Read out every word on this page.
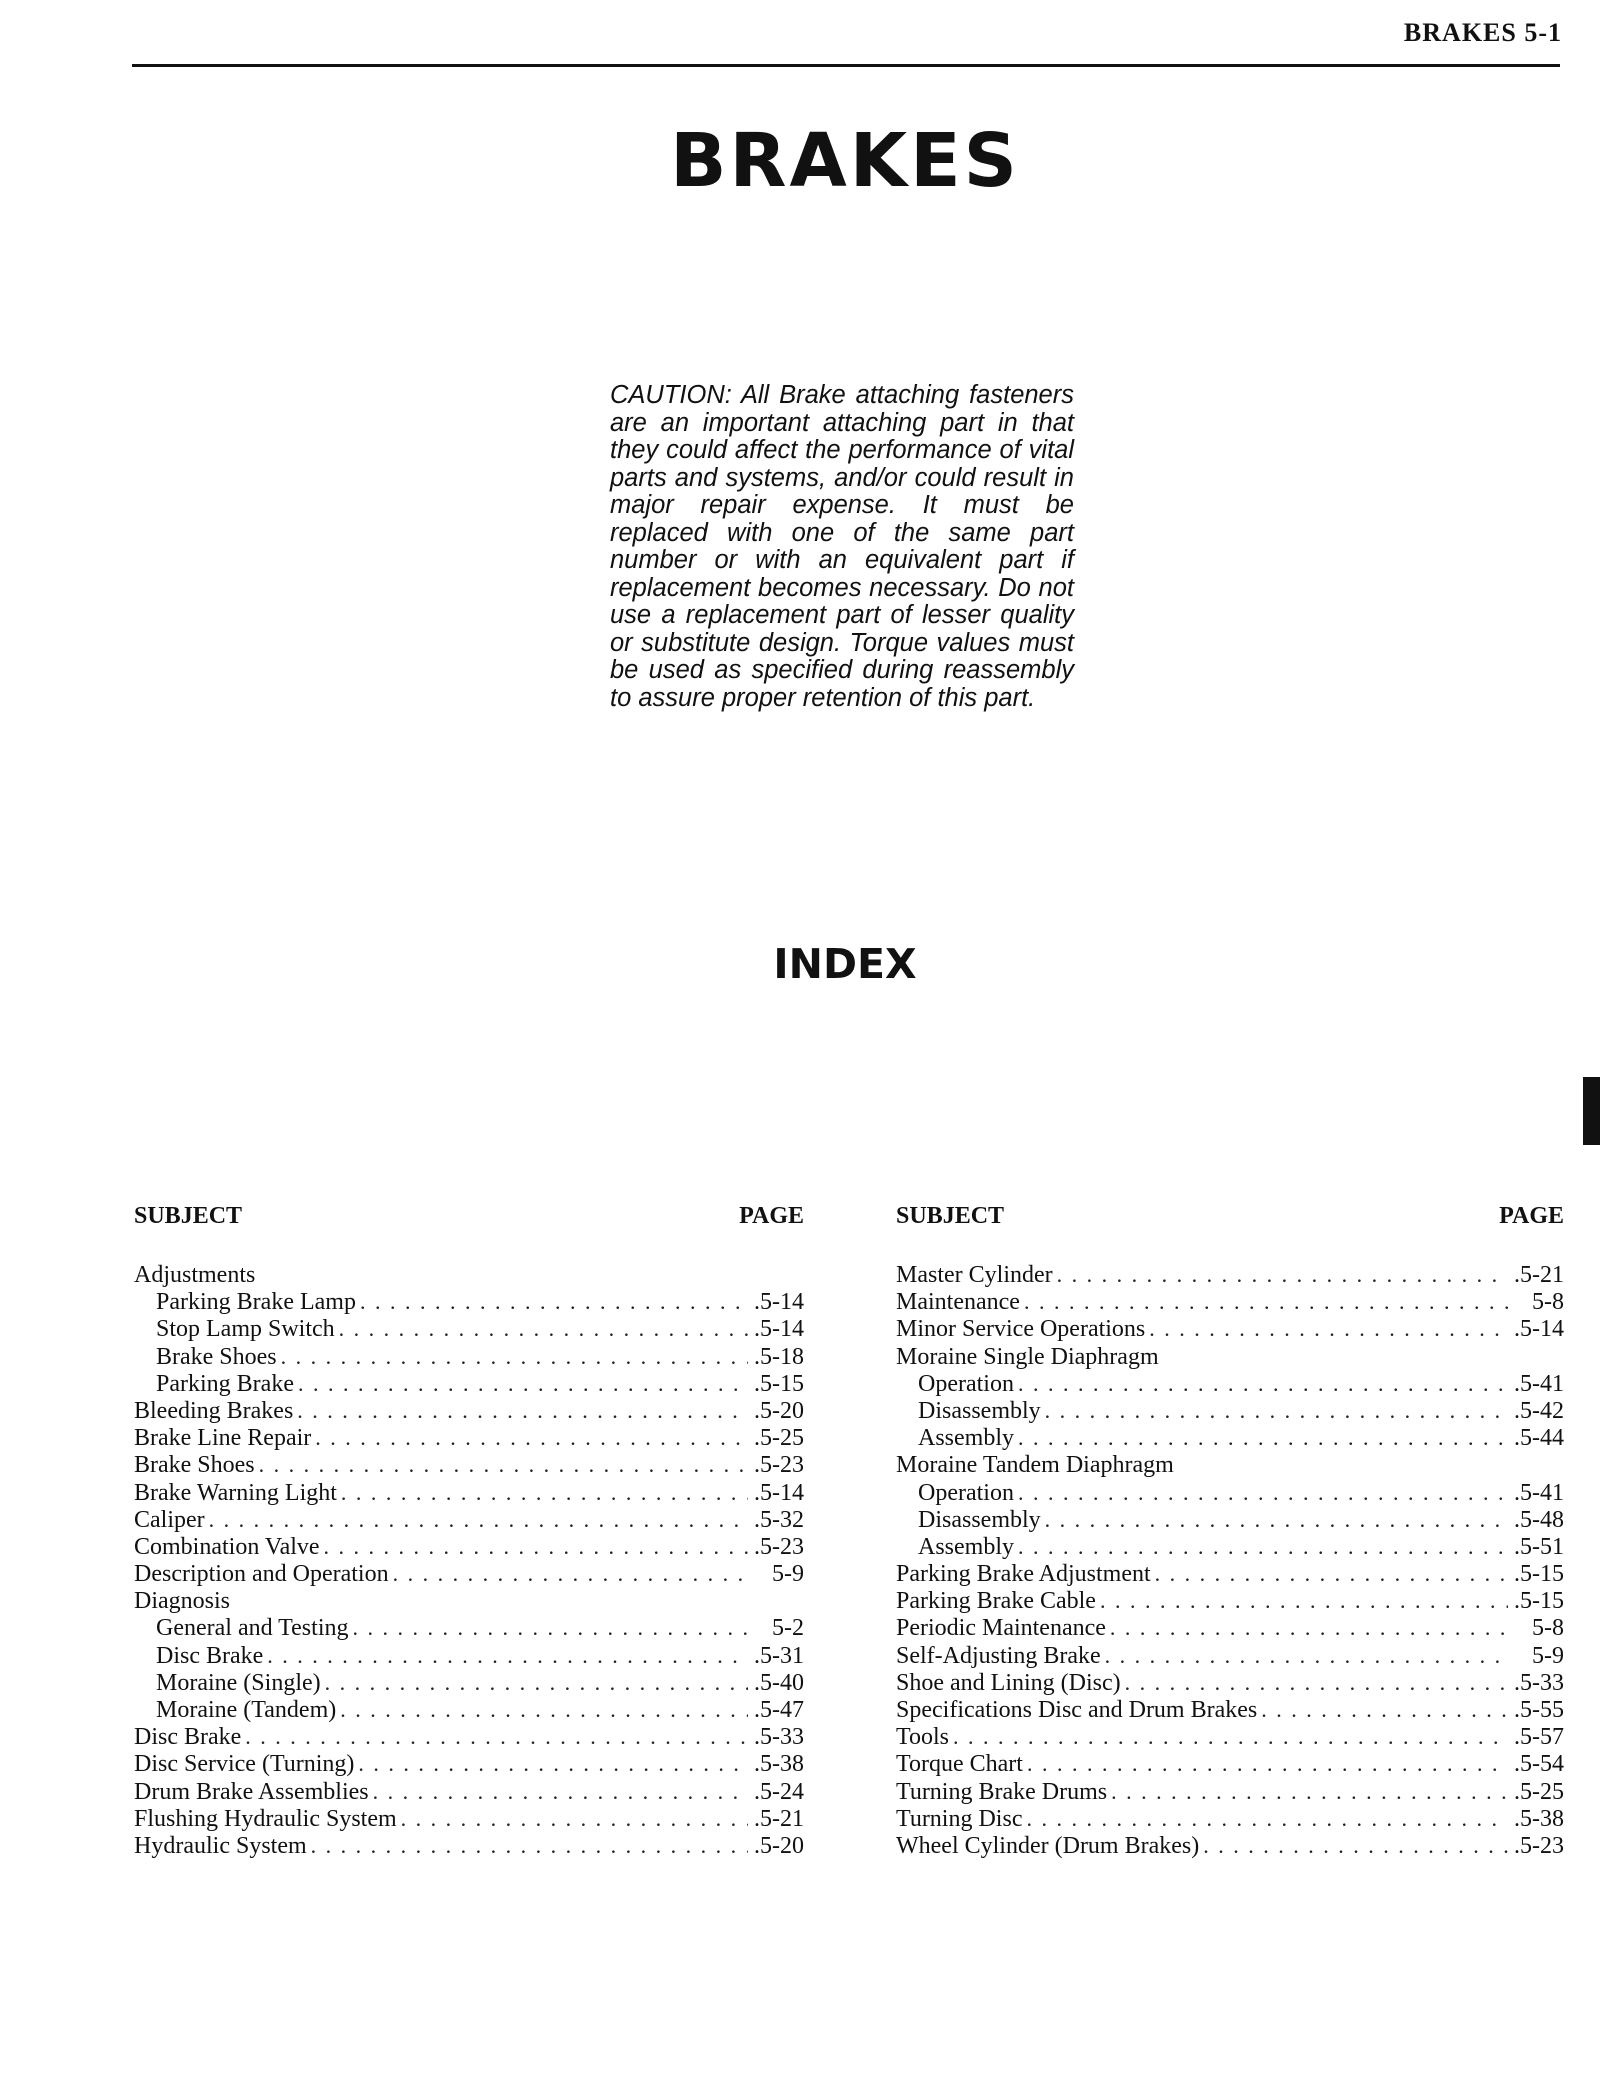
BRAKES 5-1
BRAKES

CAUTION: All Brake attaching fasteners are an important attaching part in that they could affect the performance of vital parts and systems, and/or could result in major repair expense. It must be replaced with one of the same part number or with an equivalent part if replacement becomes necessary. Do not use a replacement part of lesser quality or substitute design. Torque values must be used as specified during reassembly to assure proper retention of this part.

INDEX
SUBJECT	PAGE
Adjustments
Parking Brake Lamp . . .	.5-14
Stop Lamp Switch . . .	.5-14
Brake Shoes . . .	.5-18
Parking Brake . . .	.5-15
Bleeding Brakes . . .	.5-20
Brake Line Repair . . .	.5-25
Brake Shoes . . .	.5-23
Brake Warning Light . . .	.5-14
Caliper . . .	.5-32
Combination Valve . . .	.5-23
Description and Operation . . .	5-9
Diagnosis
General and Testing . . .	5-2
Disc Brake . . .	.5-31
Moraine (Single) . . .	.5-40
Moraine (Tandem) . . .	.5-47
Disc Brake . . .	.5-33
Disc Service (Turning) . . .	.5-38
Drum Brake Assemblies . . .	.5-24
Flushing Hydraulic System . . .	.5-21
Hydraulic System . . .	.5-20
SUBJECT	PAGE
Master Cylinder . . .	.5-21
Maintenance . . .	5-8
Minor Service Operations . . .	.5-14
Moraine Single Diaphragm
Operation . . .	.5-41
Disassembly . . .	.5-42
Assembly . . .	.5-44
Moraine Tandem Diaphragm
Operation . . .	.5-41
Disassembly . . .	.5-48
Assembly . . .	.5-51
Parking Brake Adjustment . . .	.5-15
Parking Brake Cable . . .	.5-15
Periodic Maintenance . . .	5-8
Self-Adjusting Brake . . .	5-9
Shoe and Lining (Disc) . . .	.5-33
Specifications Disc and Drum Brakes . . .	.5-55
Tools . . .	.5-57
Torque Chart . . .	.5-54
Turning Brake Drums . . .	.5-25
Turning Disc . . .	.5-38
Wheel Cylinder (Drum Brakes) . . .	.5-23
